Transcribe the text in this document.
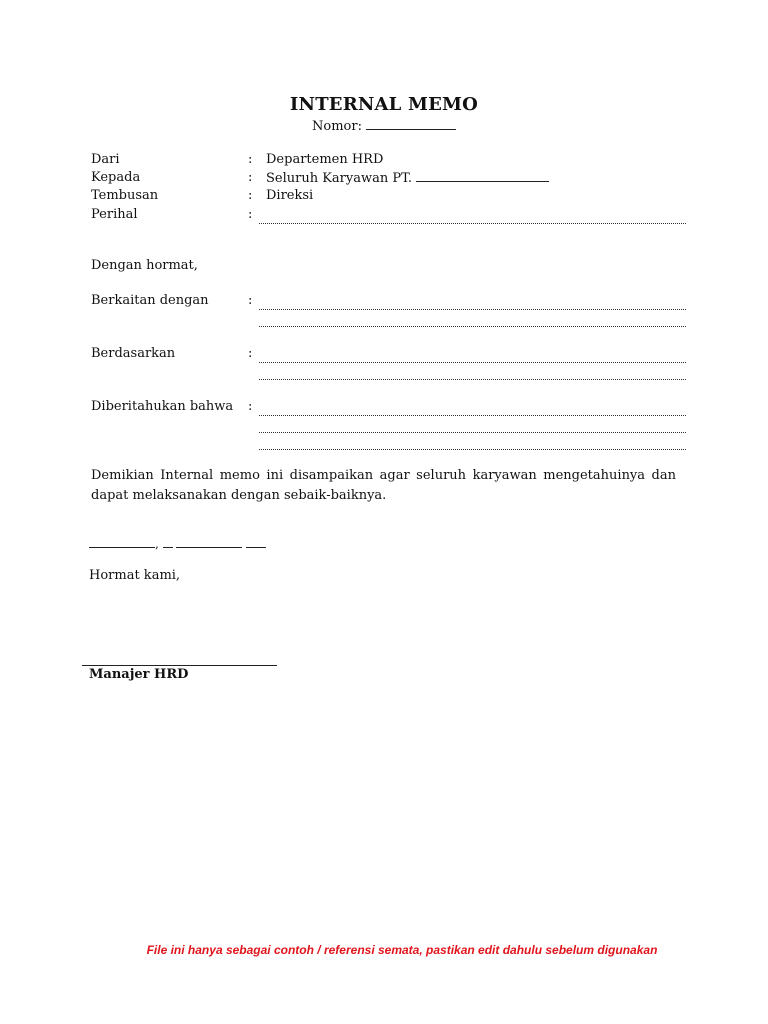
INTERNAL MEMO
Nomor:
Dari	: Departemen HRD
Kepada	: Seluruh Karyawan PT.
Tembusan	: Direksi
Perihal	:
Dengan hormat,
Berkaitan dengan	:
Berdasarkan	:
Diberitahukan bahwa :
Demikian Internal memo ini disampaikan agar seluruh karyawan mengetahuinya dan dapat melaksanakan dengan sebaik-baiknya.
,
Hormat kami,
Manajer HRD
File ini hanya sebagai contoh / referensi semata, pastikan edit dahulu sebelum digunakan
